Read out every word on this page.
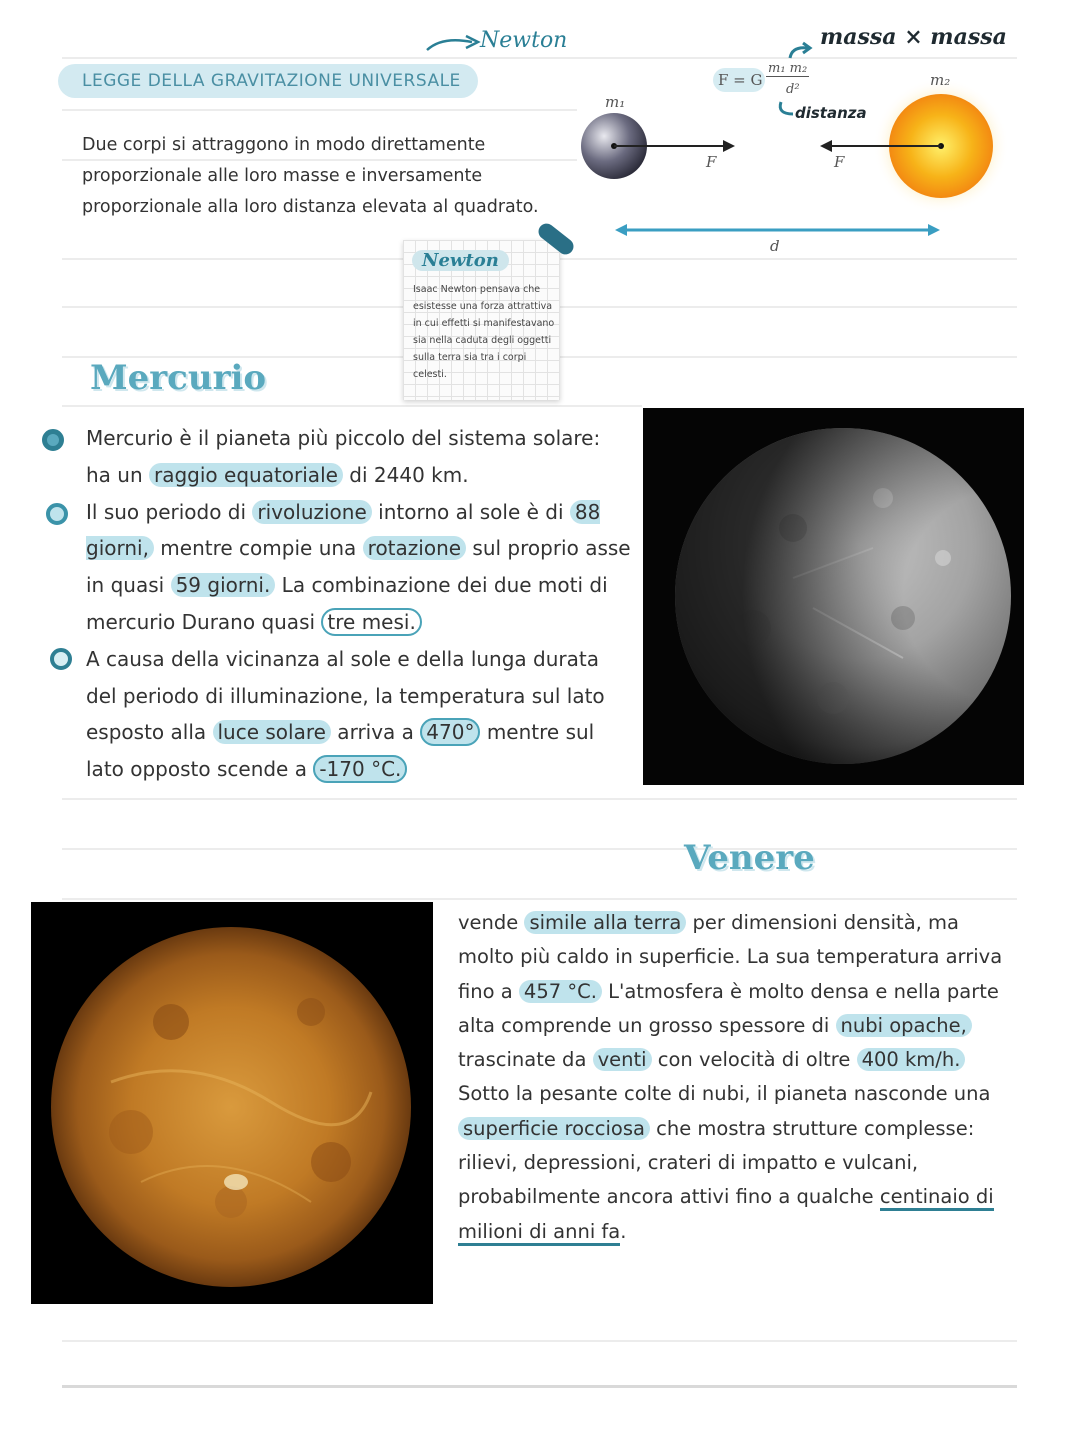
LEGGE DELLA GRAVITAZIONE UNIVERSALE
Newton	massa × massa
distanza
Due corpi si attraggono in modo direttamente proporzionale alle loro masse e inversamente proporzionale alla loro distanza elevata al quadrato.
m₁
m₂
F	F
d
F = G
m₁ m₂
d²
Newton
Isaac Newton pensava che esistesse una forza attrattiva in cui effetti si manifestavano sia nella caduta degli oggetti sulla terra sia tra i corpi celesti.
Mercurio
Mercurio è il pianeta più piccolo del sistema solare: ha un raggio equatoriale di 2440 km.
Il suo periodo di rivoluzione intorno al sole è di 88 giorni, mentre compie una rotazione sul proprio asse in quasi 59 giorni. La combinazione dei due moti di mercurio Durano quasi tre mesi.
A causa della vicinanza al sole e della lunga durata del periodo di illuminazione, la temperatura sul lato esposto alla luce solare arriva a 470° mentre sul lato opposto scende a -170 °C.
Venere
vende simile alla terra per dimensioni densità, ma molto più caldo in superficie. La sua temperatura arriva fino a 457 °C. L'atmosfera è molto densa e nella parte alta comprende un grosso spessore di nubi opache, trascinate da venti con velocità di oltre 400 km/h.
Sotto la pesante colte di nubi, il pianeta nasconde una superficie rocciosa che mostra strutture complesse: rilievi, depressioni, crateri di impatto e vulcani, probabilmente ancora attivi fino a qualche centinaio di milioni di anni fa.
